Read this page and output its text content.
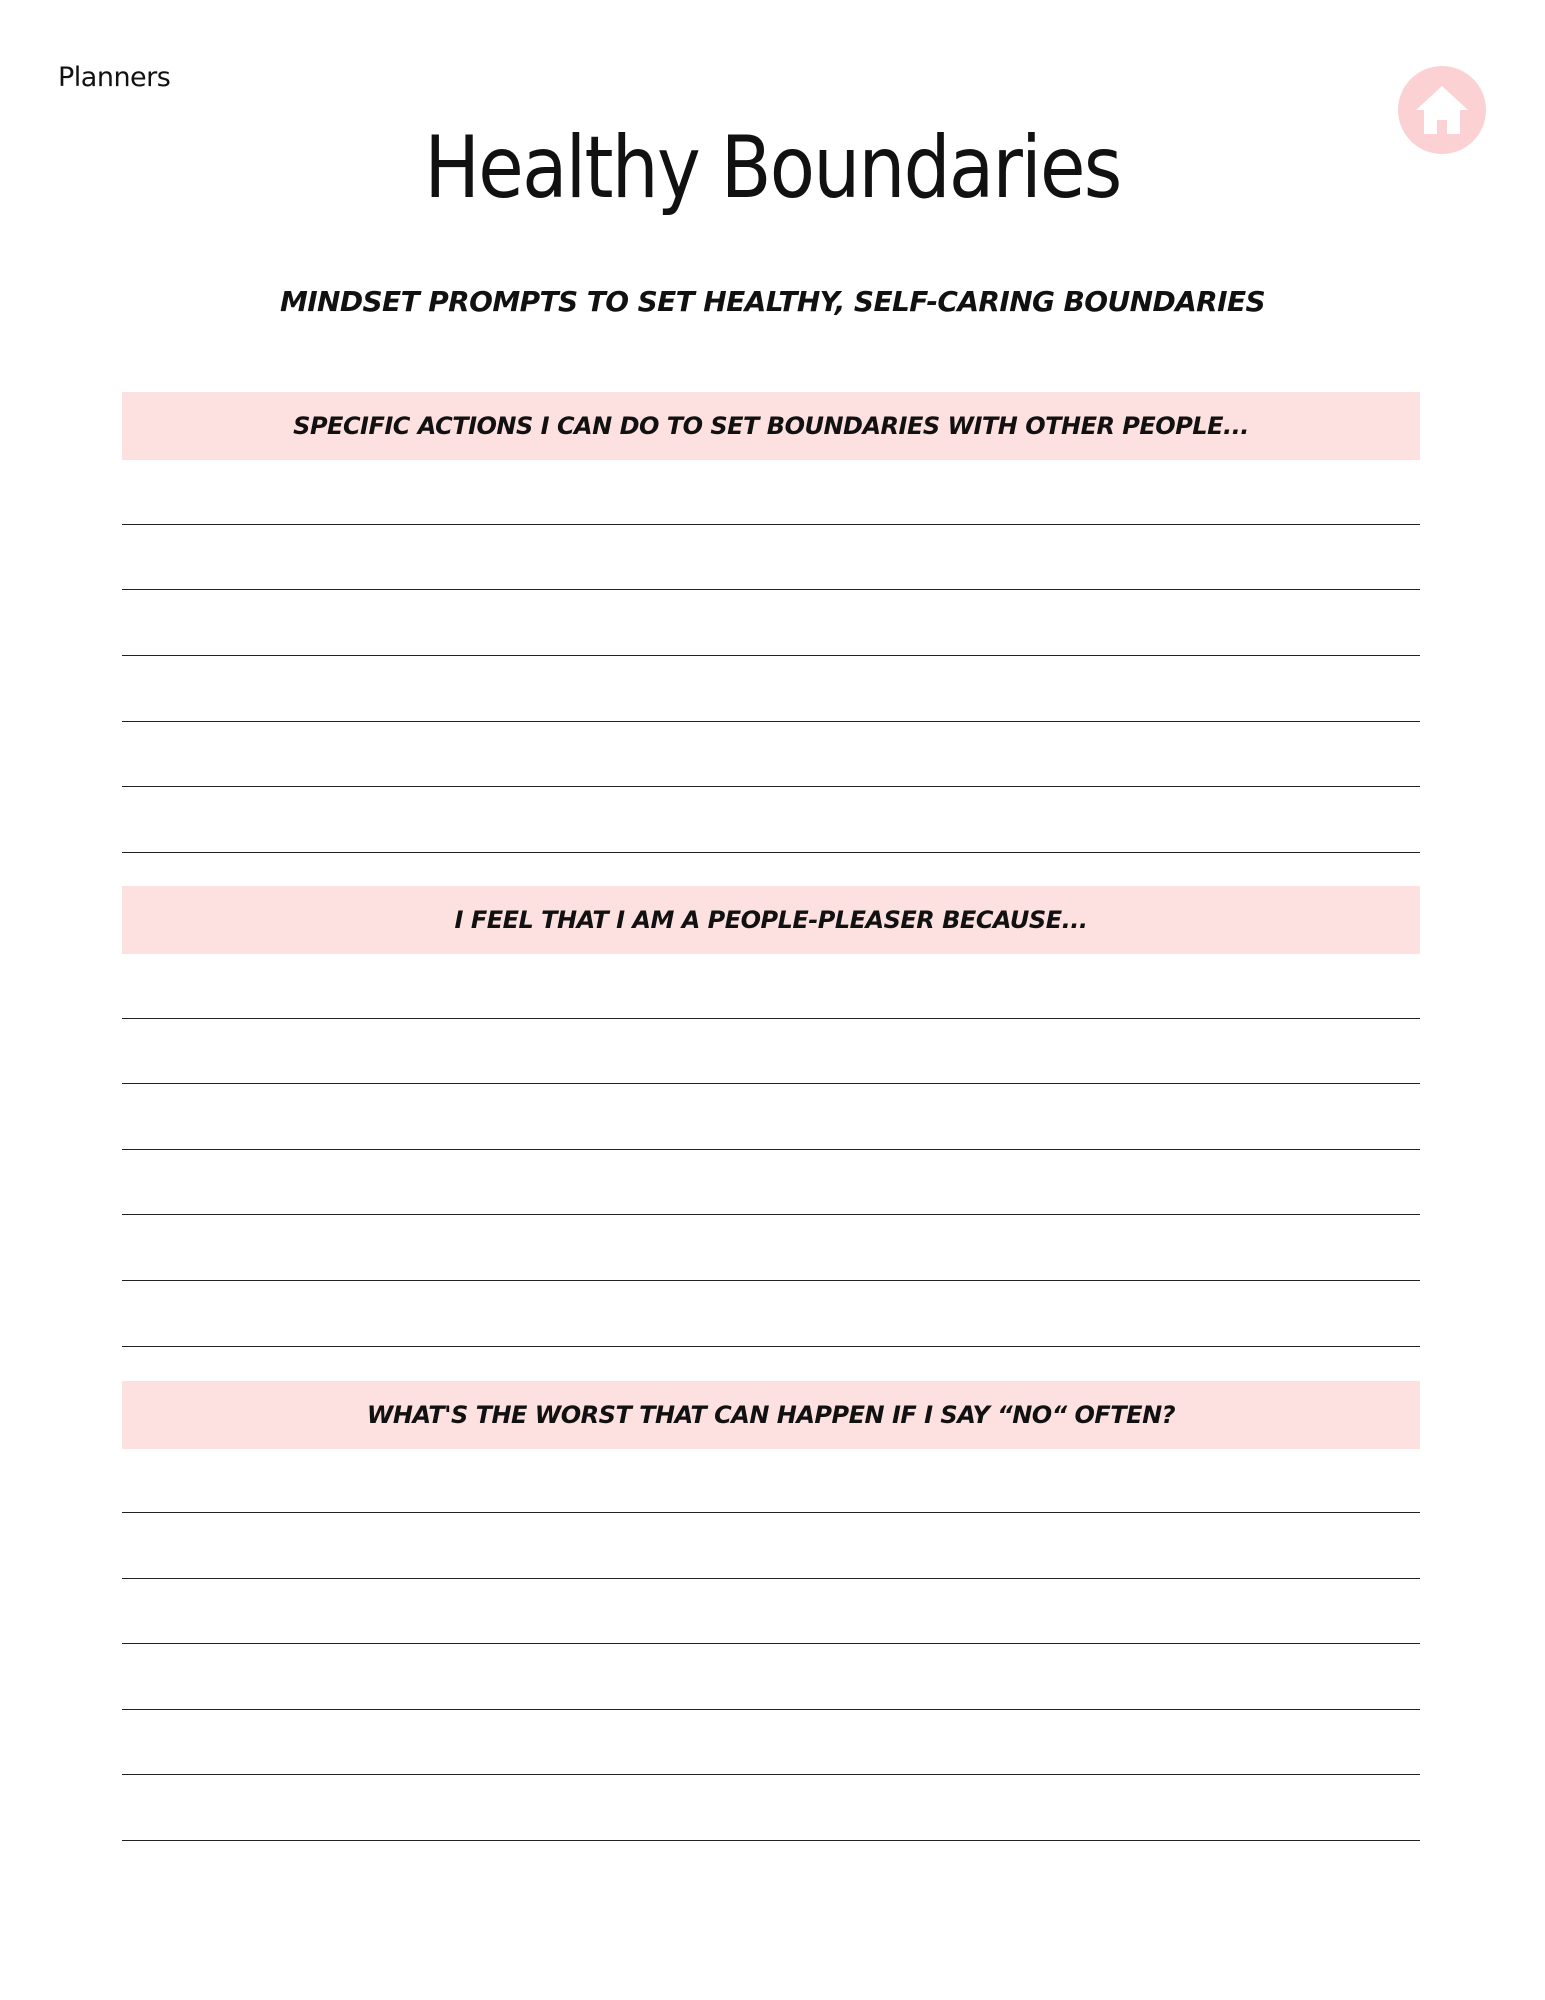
Planners
Healthy Boundaries
MINDSET PROMPTS TO SET HEALTHY, SELF-CARING BOUNDARIES
SPECIFIC ACTIONS I CAN DO TO SET BOUNDARIES WITH OTHER PEOPLE...
I FEEL THAT I AM A PEOPLE-PLEASER BECAUSE...
WHAT'S THE WORST THAT CAN HAPPEN IF I SAY “NO“ OFTEN?
